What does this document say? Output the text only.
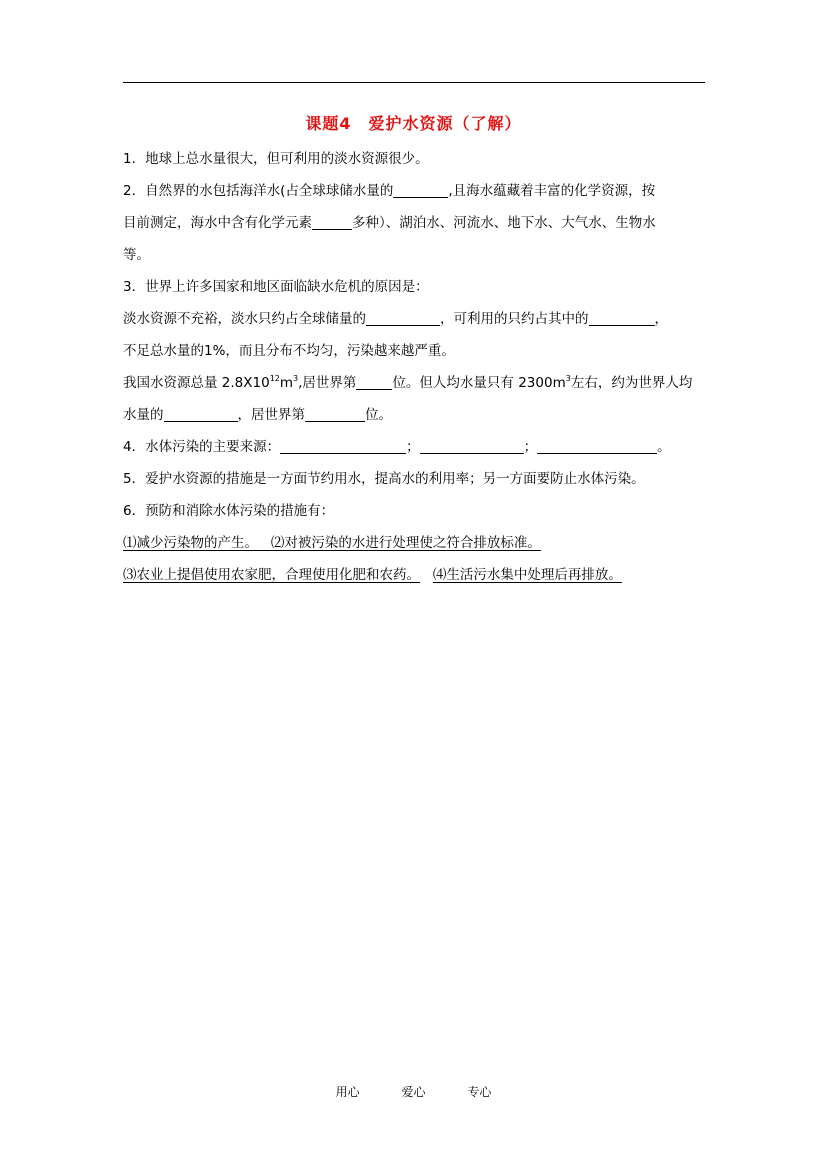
课题4　爱护水资源（了解）
1．地球上总水量很大，但可利用的淡水资源很少。
2．自然界的水包括海洋水(占全球球储水量的	,且海水蕴藏着丰富的化学资源，按
目前测定，海水中含有化学元素	多种）、湖泊水、河流水、地下水、大气水、生物水
等。
3．世界上许多国家和地区面临缺水危机的原因是：
淡水资源不充裕，淡水只约占全球储量的	，可利用的只约占其中的	，
不足总水量的1%，而且分布不均匀，污染越来越严重。
我国水资源总量 $2.8X10^{12}m^3$,居世界第	位。但人均水量只有 $2300m^3$左右，约为世界人均
水量的	，居世界第	位。
4．水体污染的主要来源：	；	；	。
5．爱护水资源的措施是一方面节约用水，提高水的利用率；另一方面要防止水体污染。
6．预防和消除水体污染的措施有：
⑴减少污染物的产生。 ⑵对被污染的水进行处理使之符合排放标准。
⑶农业上提倡使用农家肥，合理使用化肥和农药。 ⑷生活污水集中处理后再排放。
用心	爱心	专心
